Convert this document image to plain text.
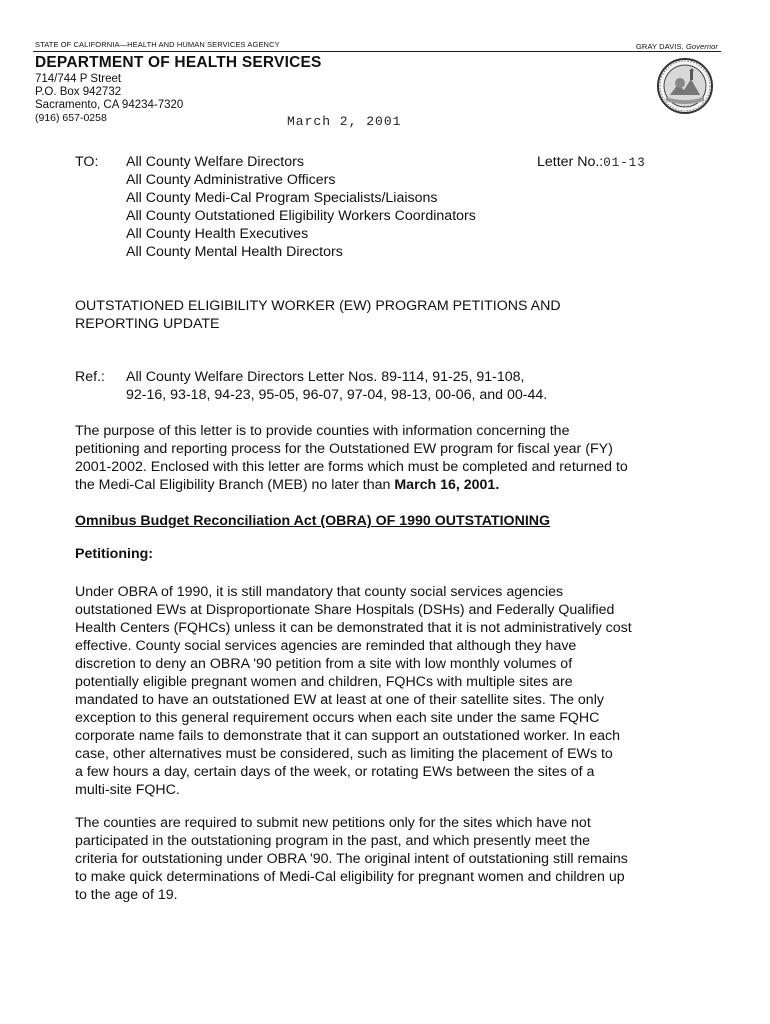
STATE OF CALIFORNIA—HEALTH AND HUMAN SERVICES AGENCY	GRAY DAVIS, Governor
DEPARTMENT OF HEALTH SERVICES
714/744 P Street
P.O. Box 942732
Sacramento, CA 94234-7320
(916) 657-0258	March 2, 2001
TO: All County Welfare Directors
All County Administrative Officers
All County Medi-Cal Program Specialists/Liaisons
All County Outstationed Eligibility Workers Coordinators
All County Health Executives
All County Mental Health Directors
Letter No.:01-13
OUTSTATIONED ELIGIBILITY WORKER (EW) PROGRAM PETITIONS AND
REPORTING UPDATE
Ref.: All County Welfare Directors Letter Nos. 89-114, 91-25, 91-108,
92-16, 93-18, 94-23, 95-05, 96-07, 97-04, 98-13, 00-06, and 00-44.
The purpose of this letter is to provide counties with information concerning the
petitioning and reporting process for the Outstationed EW program for fiscal year (FY)
2001-2002. Enclosed with this letter are forms which must be completed and returned to
the Medi-Cal Eligibility Branch (MEB) no later than March 16, 2001.
Omnibus Budget Reconciliation Act (OBRA) OF 1990 OUTSTATIONING
Petitioning:
Under OBRA of 1990, it is still mandatory that county social services agencies
outstationed EWs at Disproportionate Share Hospitals (DSHs) and Federally Qualified
Health Centers (FQHCs) unless it can be demonstrated that it is not administratively cost
effective. County social services agencies are reminded that although they have
discretion to deny an OBRA '90 petition from a site with low monthly volumes of
potentially eligible pregnant women and children, FQHCs with multiple sites are
mandated to have an outstationed EW at least at one of their satellite sites. The only
exception to this general requirement occurs when each site under the same FQHC
corporate name fails to demonstrate that it can support an outstationed worker. In each
case, other alternatives must be considered, such as limiting the placement of EWs to
a few hours a day, certain days of the week, or rotating EWs between the sites of a
multi-site FQHC.
The counties are required to submit new petitions only for the sites which have not
participated in the outstationing program in the past, and which presently meet the
criteria for outstationing under OBRA '90. The original intent of outstationing still remains
to make quick determinations of Medi-Cal eligibility for pregnant women and children up
to the age of 19.
